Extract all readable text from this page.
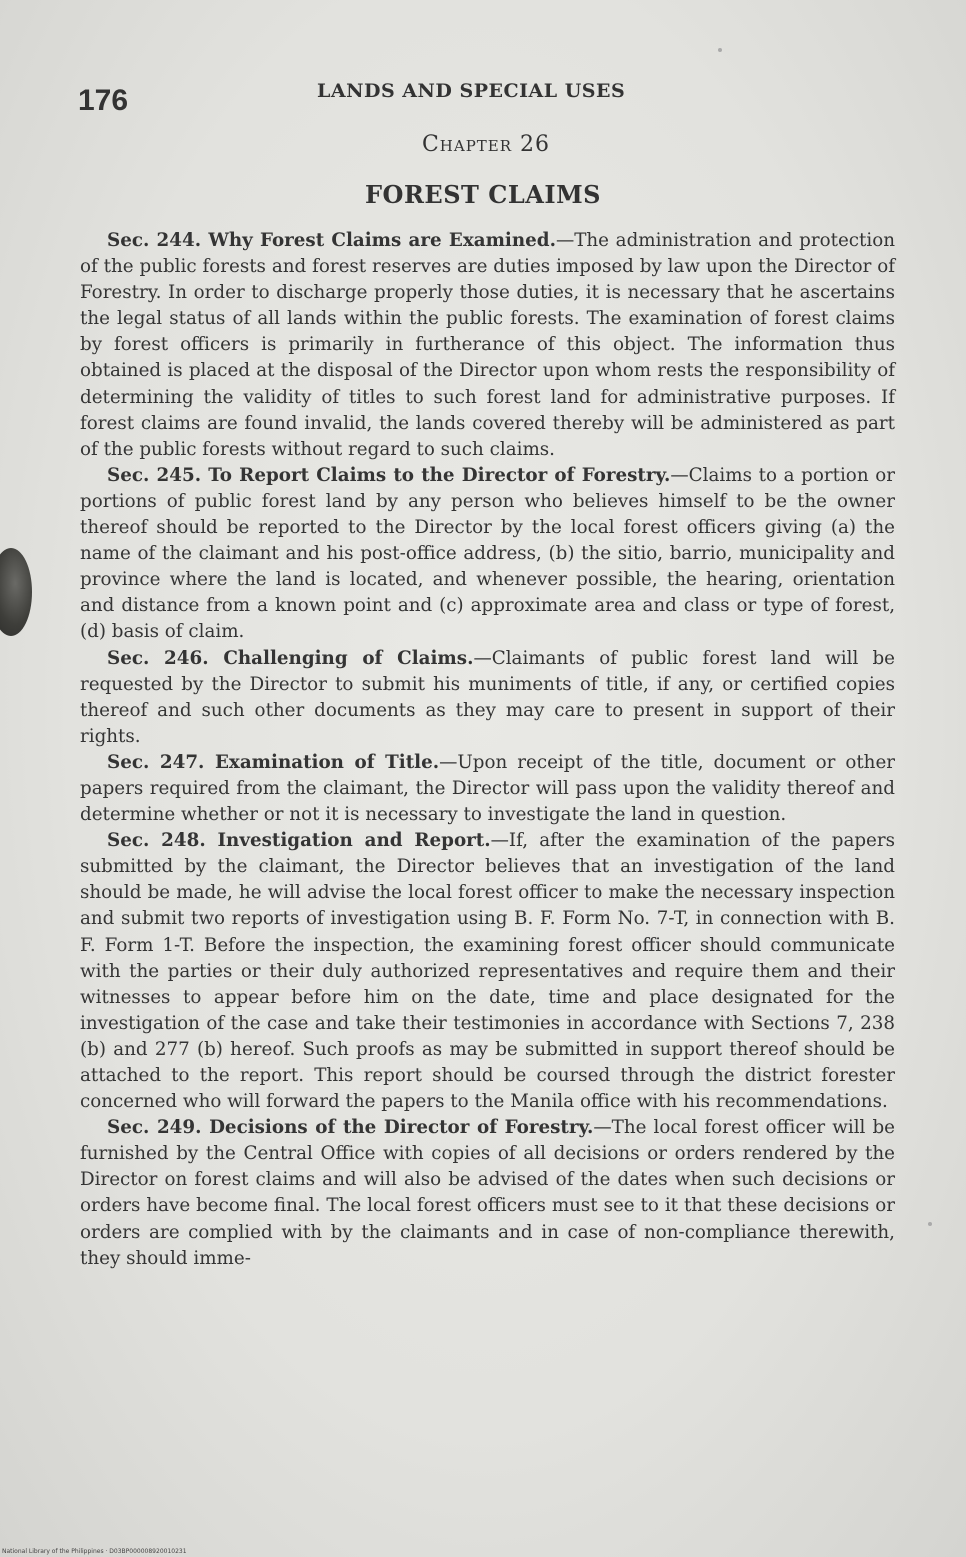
176	LANDS AND SPECIAL USES
Chapter 26
FOREST CLAIMS

Sec. 244. Why Forest Claims are Examined.—The administration and protection of the public forests and forest reserves are duties imposed by law upon the Director of Forestry. In order to discharge properly those duties, it is necessary that he ascertains the legal status of all lands within the public forests. The examination of forest claims by forest officers is primarily in furtherance of this object. The information thus obtained is placed at the disposal of the Director upon whom rests the responsibility of determining the validity of titles to such forest land for administrative purposes. If forest claims are found invalid, the lands covered thereby will be administered as part of the public forests without regard to such claims.

Sec. 245. To Report Claims to the Director of Forestry.—Claims to a portion or portions of public forest land by any person who believes himself to be the owner thereof should be reported to the Director by the local forest officers giving (a) the name of the claimant and his post-office address, (b) the sitio, barrio, municipality and province where the land is located, and whenever possible, the hearing, orientation and distance from a known point and (c) approximate area and class or type of forest, (d) basis of claim.

Sec. 246. Challenging of Claims.—Claimants of public forest land will be requested by the Director to submit his muniments of title, if any, or certified copies thereof and such other documents as they may care to present in support of their rights.

Sec. 247. Examination of Title.—Upon receipt of the title, document or other papers required from the claimant, the Director will pass upon the validity thereof and determine whether or not it is necessary to investigate the land in question.

Sec. 248. Investigation and Report.—If, after the examination of the papers submitted by the claimant, the Director believes that an investigation of the land should be made, he will advise the local forest officer to make the necessary inspection and submit two reports of investigation using B. F. Form No. 7-T, in connection with B. F. Form 1-T. Before the inspection, the examining forest officer should communicate with the parties or their duly authorized representatives and require them and their witnesses to appear before him on the date, time and place designated for the investigation of the case and take their testimonies in accordance with Sections 7, 238 (b) and 277 (b) hereof. Such proofs as may be submitted in support thereof should be attached to the report. This report should be coursed through the district forester concerned who will forward the papers to the Manila office with his recommendations.

Sec. 249. Decisions of the Director of Forestry.—The local forest officer will be furnished by the Central Office with copies of all decisions or orders rendered by the Director on forest claims and will also be advised of the dates when such decisions or orders have become final. The local forest officers must see to it that these decisions or orders are complied with by the claimants and in case of non-compliance therewith, they should imme-

National Library of the Philippines · D03BP000008920010231
